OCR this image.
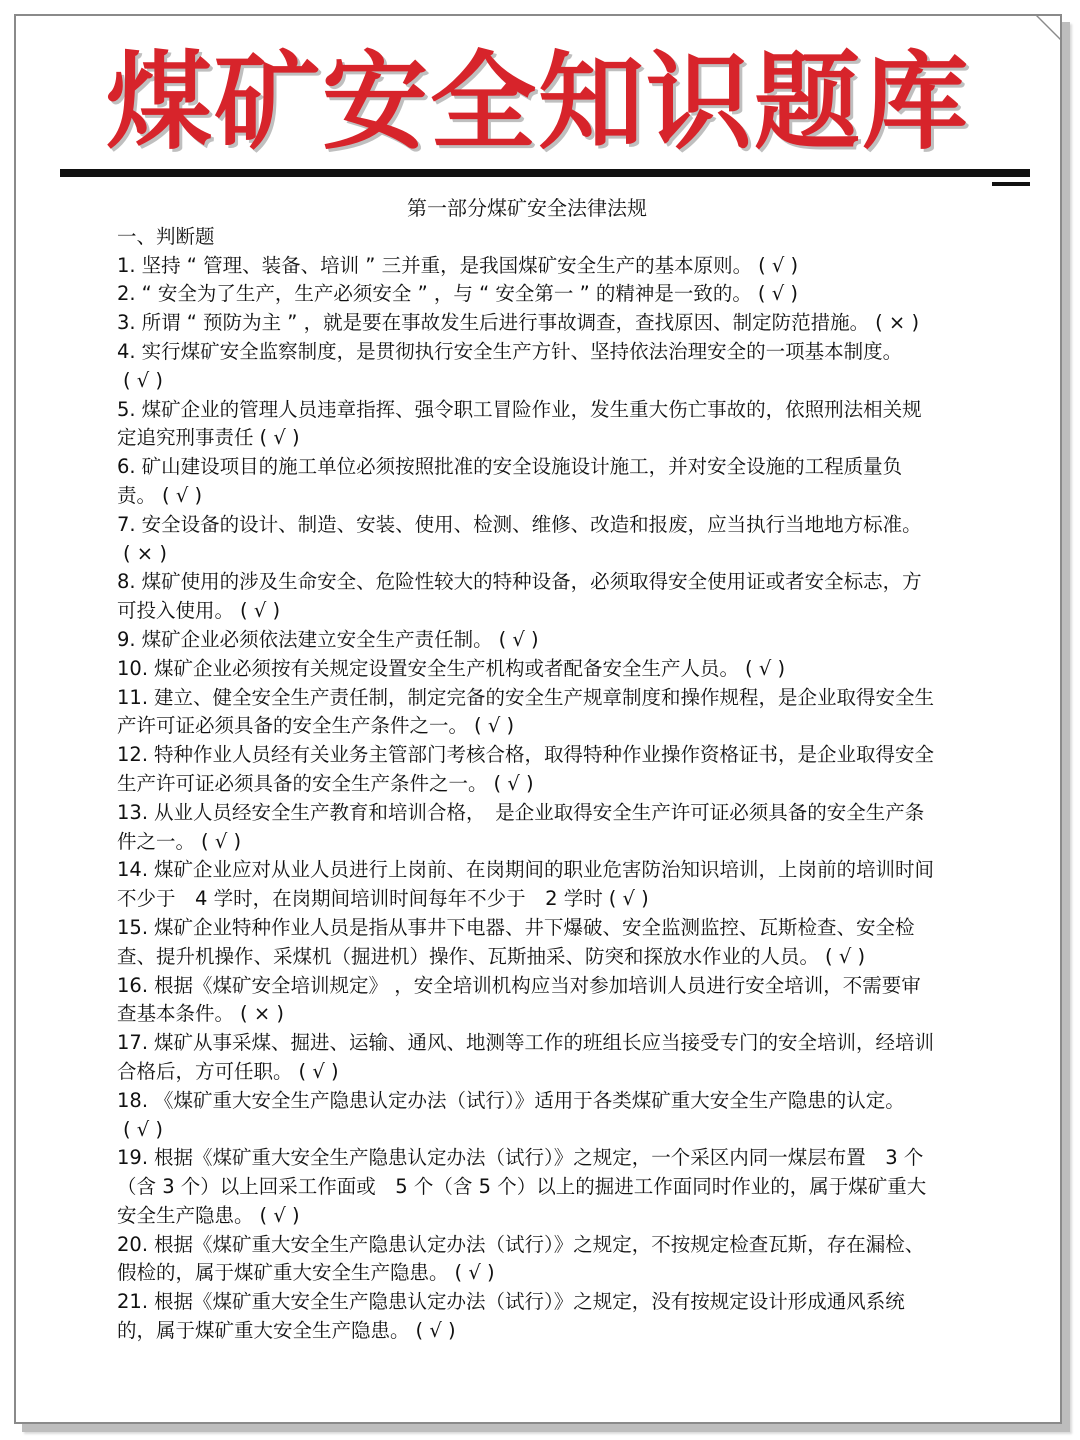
煤矿安全知识题库
第一部分煤矿安全法律法规
一、判断题

1. 坚持 “ 管理、装备、培训 ” 三并重，是我国煤矿安全生产的基本原则。 ( √ )

2. “ 安全为了生产，生产必须安全 ” ，与 “ 安全第一 ” 的精神是一致的。 ( √ )

3. 所谓 “ 预防为主 ” ，就是要在事故发生后进行事故调查，查找原因、制定防范措施。 ( × )

4. 实行煤矿安全监察制度，是贯彻执行安全生产方针、坚持依法治理安全的一项基本制度。( √ )

5. 煤矿企业的管理人员违章指挥、强令职工冒险作业，发生重大伤亡事故的，依照刑法相关规定追究刑事责任 ( √ )

6. 矿山建设项目的施工单位必须按照批准的安全设施设计施工，并对安全设施的工程质量负责。 ( √ )

7. 安全设备的设计、制造、安装、使用、检测、维修、改造和报废，应当执行当地地方标准。( × )

8. 煤矿使用的涉及生命安全、危险性较大的特种设备，必须取得安全使用证或者安全标志，方可投入使用。 ( √ )

9. 煤矿企业必须依法建立安全生产责任制。 ( √ )

10. 煤矿企业必须按有关规定设置安全生产机构或者配备安全生产人员。 ( √ )

11. 建立、健全安全生产责任制，制定完备的安全生产规章制度和操作规程，是企业取得安全生产许可证必须具备的安全生产条件之一。 ( √ )

12. 特种作业人员经有关业务主管部门考核合格，取得特种作业操作资格证书，是企业取得安全生产许可证必须具备的安全生产条件之一。 ( √ )

13. 从业人员经安全生产教育和培训合格，　是企业取得安全生产许可证必须具备的安全生产条件之一。 ( √ )

14. 煤矿企业应对从业人员进行上岗前、在岗期间的职业危害防治知识培训，上岗前的培训时间不少于　4 学时，在岗期间培训时间每年不少于　2 学时 ( √ )

15. 煤矿企业特种作业人员是指从事井下电器、井下爆破、安全监测监控、瓦斯检查、安全检查、提升机操作、采煤机（掘进机）操作、瓦斯抽采、防突和探放水作业的人员。 ( √ )

16. 根据《煤矿安全培训规定》 ，安全培训机构应当对参加培训人员进行安全培训，不需要审查基本条件。 ( × )

17. 煤矿从事采煤、掘进、运输、通风、地测等工作的班组长应当接受专门的安全培训，经培训合格后，方可任职。 ( √ )

18. 《煤矿重大安全生产隐患认定办法（试行）》适用于各类煤矿重大安全生产隐患的认定。( √ )

19. 根据《煤矿重大安全生产隐患认定办法（试行）》之规定，一个采区内同一煤层布置　3 个（含 3 个）以上回采工作面或　5 个（含 5 个）以上的掘进工作面同时作业的，属于煤矿重大安全生产隐患。 ( √ )

20. 根据《煤矿重大安全生产隐患认定办法（试行）》之规定，不按规定检查瓦斯，存在漏检、假检的，属于煤矿重大安全生产隐患。 ( √ )

21. 根据《煤矿重大安全生产隐患认定办法（试行）》之规定，没有按规定设计形成通风系统的，属于煤矿重大安全生产隐患。 ( √ )
